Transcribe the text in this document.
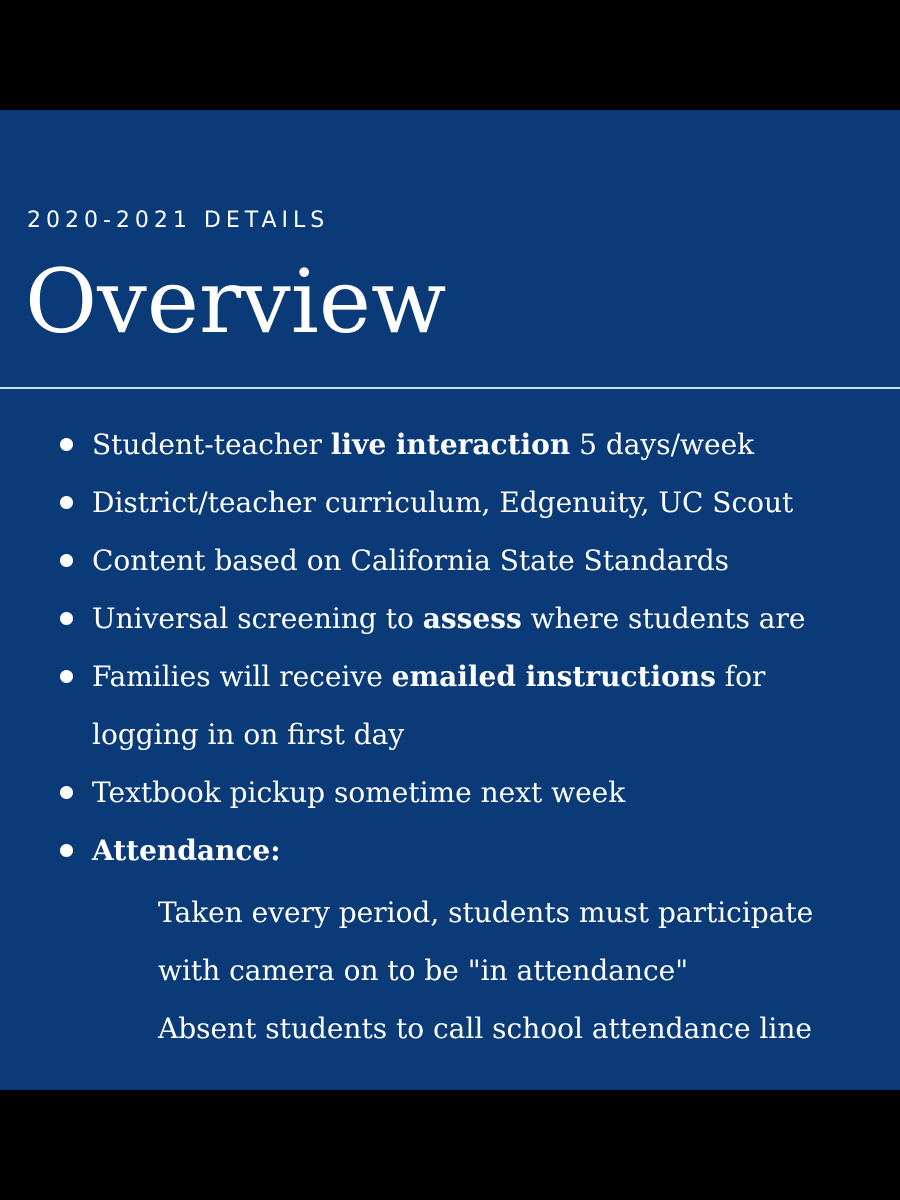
2020-2021 DETAILS
Overview
Student-teacher live interaction 5 days/week
District/teacher curriculum, Edgenuity, UC Scout
Content based on California State Standards
Universal screening to assess where students are
Families will receive emailed instructions for
logging in on first day
Textbook pickup sometime next week
Attendance:
Taken every period, students must participate
with camera on to be "in attendance"
Absent students to call school attendance line
